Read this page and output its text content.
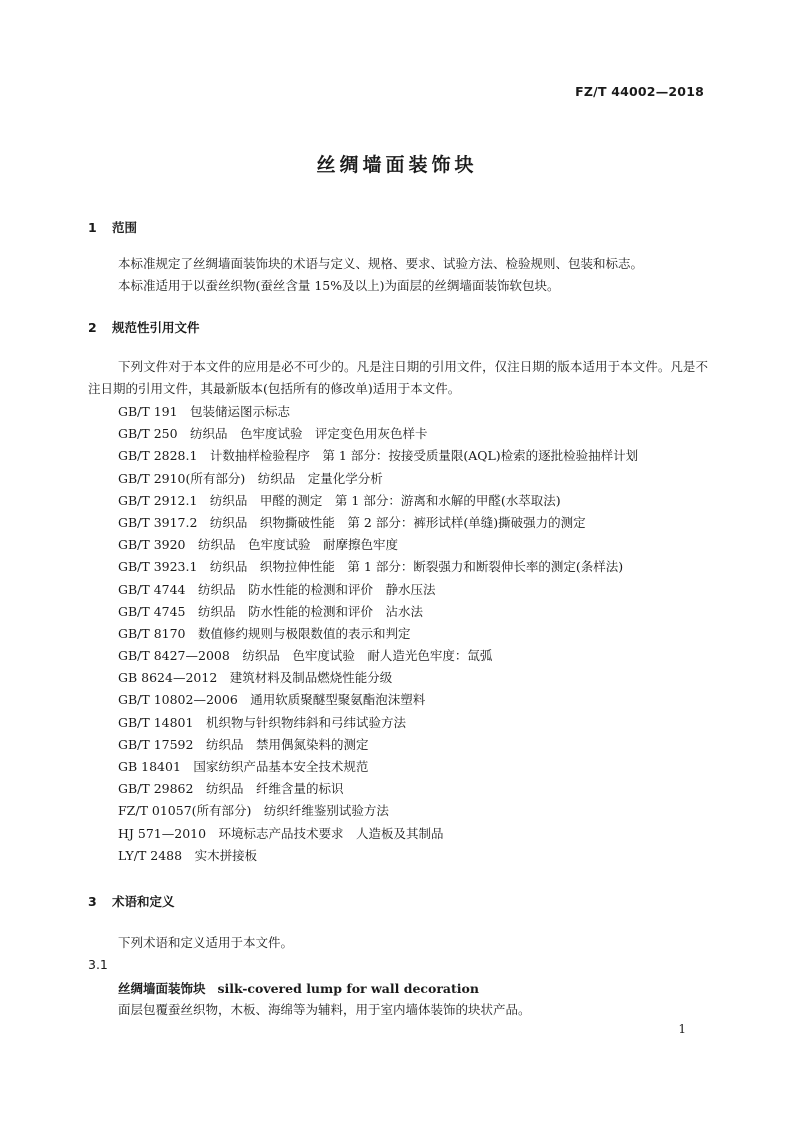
FZ/T 44002—2018
丝绸墙面装饰块
1 范围
本标准规定了丝绸墙面装饰块的术语与定义、规格、要求、试验方法、检验规则、包装和标志。
本标准适用于以蚕丝织物(蚕丝含量 15%及以上)为面层的丝绸墙面装饰软包块。
2 规范性引用文件
下列文件对于本文件的应用是必不可少的。凡是注日期的引用文件，仅注日期的版本适用于本文件。凡是不注日期的引用文件，其最新版本(包括所有的修改单)适用于本文件。
GB/T 191　包装储运图示标志
GB/T 250　纺织品　色牢度试验　评定变色用灰色样卡
GB/T 2828.1　计数抽样检验程序　第 1 部分：按接受质量限(AQL)检索的逐批检验抽样计划
GB/T 2910(所有部分)　纺织品　定量化学分析
GB/T 2912.1　纺织品　甲醛的测定　第 1 部分：游离和水解的甲醛(水萃取法)
GB/T 3917.2　纺织品　织物撕破性能　第 2 部分：裤形试样(单缝)撕破强力的测定
GB/T 3920　纺织品　色牢度试验　耐摩擦色牢度
GB/T 3923.1　纺织品　织物拉伸性能　第 1 部分：断裂强力和断裂伸长率的测定(条样法)
GB/T 4744　纺织品　防水性能的检测和评价　静水压法
GB/T 4745　纺织品　防水性能的检测和评价　沾水法
GB/T 8170　数值修约规则与极限数值的表示和判定
GB/T 8427—2008　纺织品　色牢度试验　耐人造光色牢度：氙弧
GB 8624—2012　建筑材料及制品燃烧性能分级
GB/T 10802—2006　通用软质聚醚型聚氨酯泡沫塑料
GB/T 14801　机织物与针织物纬斜和弓纬试验方法
GB/T 17592　纺织品　禁用偶氮染料的测定
GB 18401　国家纺织产品基本安全技术规范
GB/T 29862　纺织品　纤维含量的标识
FZ/T 01057(所有部分)　纺织纤维鉴别试验方法
HJ 571—2010　环境标志产品技术要求　人造板及其制品
LY/T 2488　实木拼接板
3 术语和定义
下列术语和定义适用于本文件。
3.1
丝绸墙面装饰块 silk-covered lump for wall decoration
面层包覆蚕丝织物，木板、海绵等为辅料，用于室内墙体装饰的块状产品。
1
